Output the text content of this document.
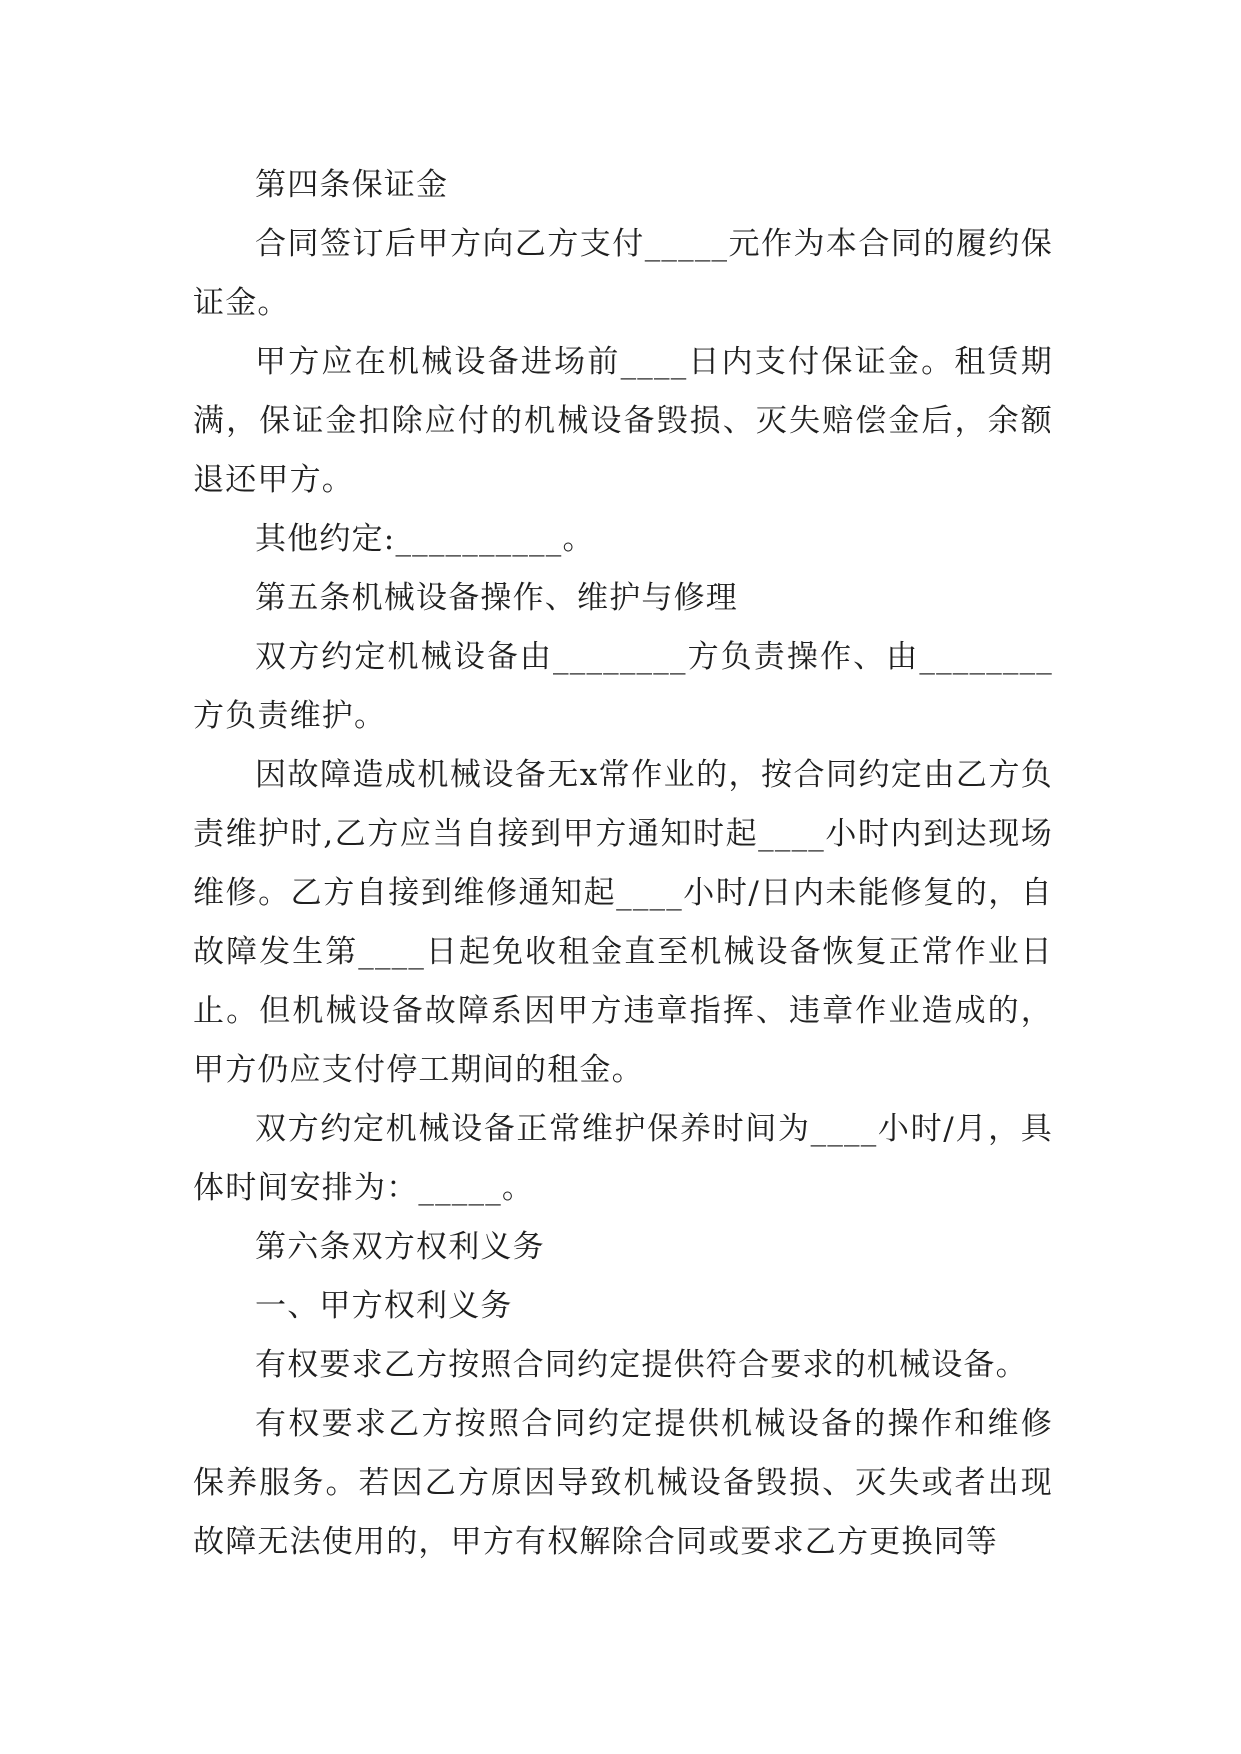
第四条保证金

合同签订后甲方向乙方支付_____元作为本合同的履约保证金。

甲方应在机械设备进场前____日内支付保证金。租赁期满，保证金扣除应付的机械设备毁损、灭失赔偿金后，余额退还甲方。

其他约定:__________。

第五条机械设备操作、维护与修理

双方约定机械设备由________方负责操作、由________方负责维护。

因故障造成机械设备无x常作业的，按合同约定由乙方负责维护时,乙方应当自接到甲方通知时起____小时内到达现场维修。乙方自接到维修通知起____小时/日内未能修复的，自故障发生第____日起免收租金直至机械设备恢复正常作业日止。但机械设备故障系因甲方违章指挥、违章作业造成的，甲方仍应支付停工期间的租金。

双方约定机械设备正常维护保养时间为____小时/月，具体时间安排为：_____。

第六条双方权利义务

一、甲方权利义务

有权要求乙方按照合同约定提供符合要求的机械设备。

有权要求乙方按照合同约定提供机械设备的操作和维修保养服务。若因乙方原因导致机械设备毁损、灭失或者出现故障无法使用的，甲方有权解除合同或要求乙方更换同等
